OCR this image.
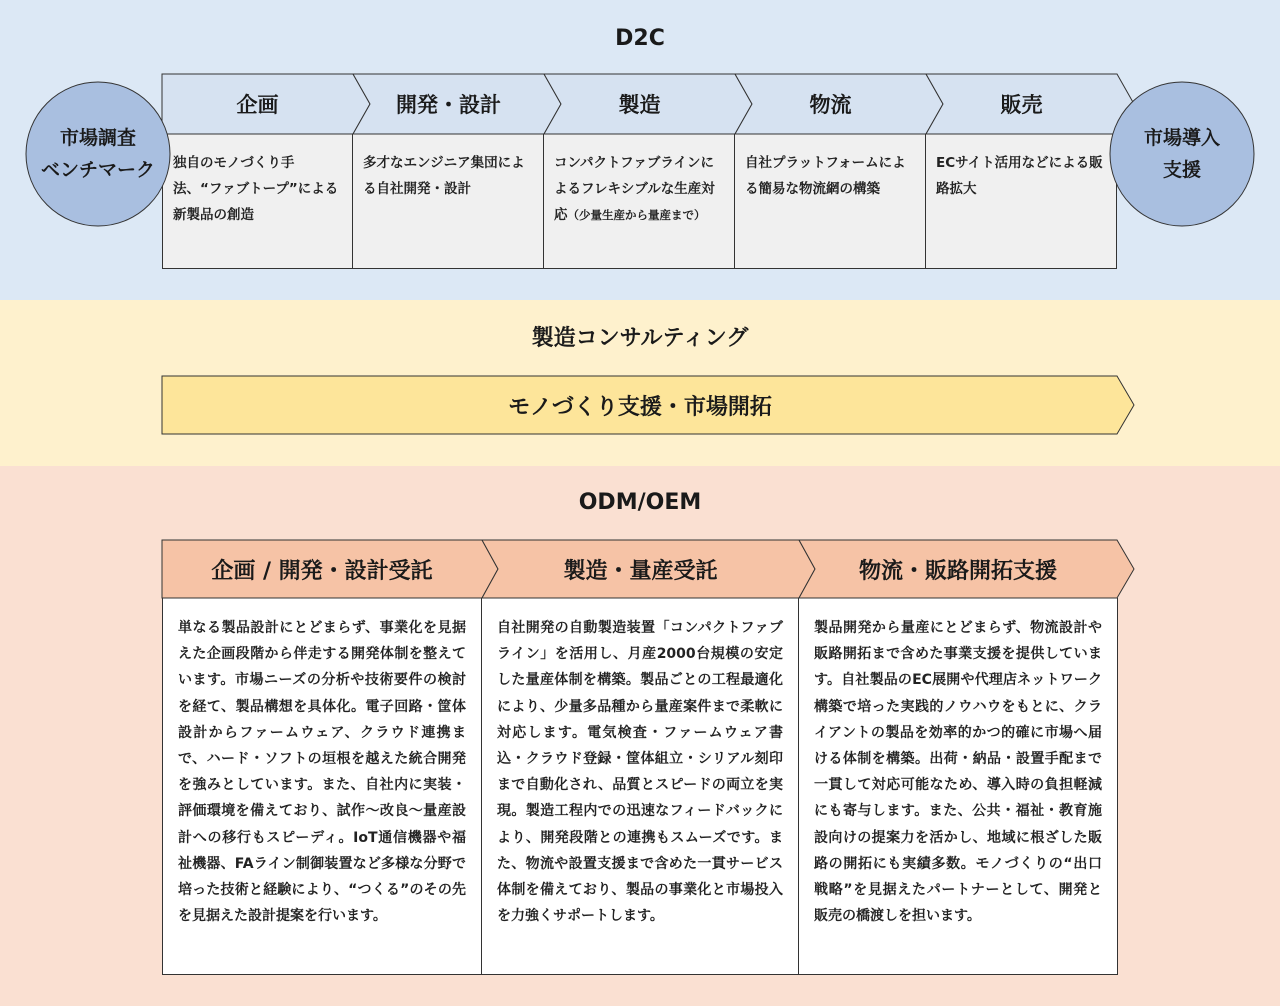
D2C
製造コンサルティング
ODM/OEM
独自のモノづくり手法、“ファブトープ”による新製品の創造
多才なエンジニア集団による自社開発・設計
コンパクトファブラインによるフレキシブルな生産対応（少量生産から量産まで）
自社プラットフォームによる簡易な物流網の構築
ECサイト活用などによる販路拡大
単なる製品設計にとどまらず、事業化を見据えた企画段階から伴走する開発体制を整えています。市場ニーズの分析や技術要件の検討を経て、製品構想を具体化。電子回路・筐体設計からファームウェア、クラウド連携まで、ハード・ソフトの垣根を越えた統合開発を強みとしています。また、自社内に実装・評価環境を備えており、試作～改良～量産設計への移行もスピーディ。IoT通信機器や福祉機器、FAライン制御装置など多様な分野で培った技術と経験により、“つくる”のその先を見据えた設計提案を行います。
自社開発の自動製造装置「コンパクトファブライン」を活用し、月産2000台規模の安定した量産体制を構築。製品ごとの工程最適化により、少量多品種から量産案件まで柔軟に対応します。電気検査・ファームウェア書込・クラウド登録・筐体組立・シリアル刻印まで自動化され、品質とスピードの両立を実現。製造工程内での迅速なフィードバックにより、開発段階との連携もスムーズです。また、物流や設置支援まで含めた一貫サービス体制を備えており、製品の事業化と市場投入を力強くサポートします。
製品開発から量産にとどまらず、物流設計や販路開拓まで含めた事業支援を提供しています。自社製品のEC展開や代理店ネットワーク構築で培った実践的ノウハウをもとに、クライアントの製品を効率的かつ的確に市場へ届ける体制を構築。出荷・納品・設置手配まで一貫して対応可能なため、導入時の負担軽減にも寄与します。また、公共・福祉・教育施設向けの提案力を活かし、地域に根ざした販路の開拓にも実績多数。モノづくりの“出口戦略”を見据えたパートナーとして、開発と販売の橋渡しを担います。
企画	開発・設計	製造	物流	販売
市場調査
ベンチマーク
市場導入
支援
モノづくり支援・市場開拓
企画 / 開発・設計受託	製造・量産受託	物流・販路開拓支援
